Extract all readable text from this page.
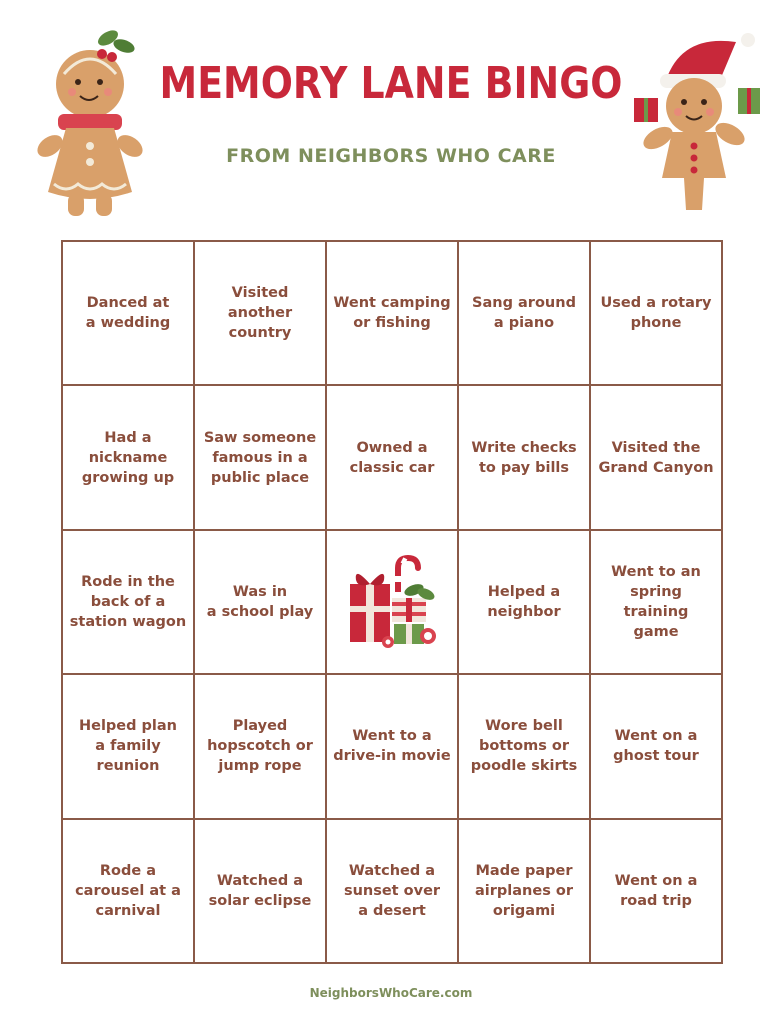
MEMORY LANE BINGO
FROM NEIGHBORS WHO CARE
Danced at
a wedding
Visited another
country
Went camping
or fishing
Sang around
a piano
Used a rotary
phone
Had a
nickname
growing up
Saw someone
famous in a
public place
Owned a
classic car
Write checks
to pay bills
Visited the
Grand Canyon
Rode in the
back of a
station wagon
Was in
a school play
Helped a
neighbor
Went to an
spring training
game
Helped plan
a family
reunion
Played
hopscotch or
jump rope
Went to a
drive-in movie
Wore bell
bottoms or
poodle skirts
Went on a
ghost tour
Rode a
carousel at a
carnival
Watched a
solar eclipse
Watched a
sunset over
a desert
Made paper
airplanes or
origami
Went on a
road trip
NeighborsWhoCare.com
